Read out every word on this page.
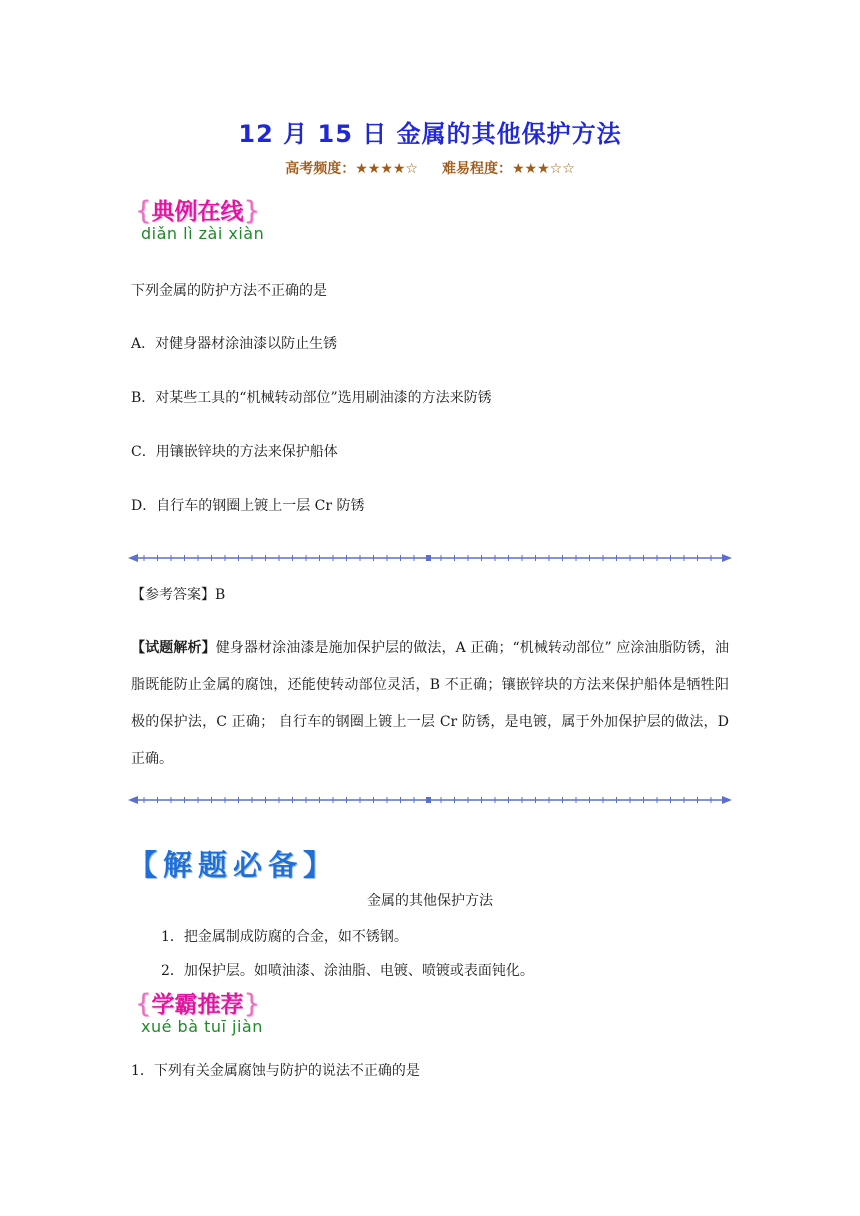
12 月 15 日 金属的其他保护方法
高考频度：★★★★☆ 难易程度：★★★☆☆
{典例在线}
diǎn lì zài xiàn
下列金属的防护方法不正确的是
A．对健身器材涂油漆以防止生锈
B．对某些工具的“机械转动部位”选用刷油漆的方法来防锈
C．用镶嵌锌块的方法来保护船体
D．自行车的钢圈上镀上一层 Cr 防锈
【参考答案】B
【试题解析】健身器材涂油漆是施加保护层的做法，A 正确；“机械转动部位” 应涂油脂防锈，油脂既能防止金属的腐蚀，还能使转动部位灵活，B 不正确；镶嵌锌块的方法来保护船体是牺牲阳极的保护法，C 正确； 自行车的钢圈上镀上一层 Cr 防锈，是电镀，属于外加保护层的做法，D 正确。
【解题必备】
金属的其他保护方法
1．把金属制成防腐的合金，如不锈钢。
2．加保护层。如喷油漆、涂油脂、电镀、喷镀或表面钝化。
{学霸推荐}
xué bà tuī jiàn
1．下列有关金属腐蚀与防护的说法不正确的是
